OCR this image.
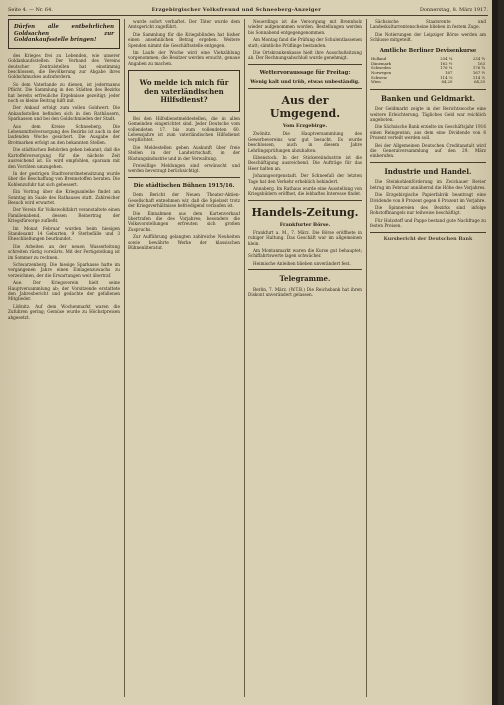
Seite 4. — Nr. 64.	Erzgebirgischer Volksfreund und Schneeberg-Anzeiger	Donnerstag, 8. März 1917.
Dürfen alle entbehrlichen Goldsachen zur Goldankaufsstelle bringen!

des Krieges frei zu Lebenden, wie unserer Goldankaufsstellen. Der Verband des Vereins deutscher Zentralstellen hat einstimmig beschlossen, die Bevölkerung zur Abgabe ihres Goldschmuckes aufzufordern.

So dem Vaterlande zu dienen, ist jedermanns Pflicht. Die Sammlung in den Städten des Bezirks hat bereits erfreuliche Ergebnisse gezeitigt; jeder noch so kleine Beitrag hilft mit.

Der Ankauf erfolgt zum vollen Goldwert. Die Ankaufsstellen befinden sich in den Rathäusern, Sparkassen und bei den Goldschmieden der Stadt.

Aus dem Kreise Schneeberg. Die Lebensmittelversorgung des Bezirks ist auch in der laufenden Woche gesichert. Die Ausgabe der Brotmarken erfolgt an den bekannten Stellen.

Die städtischen Behörden geben bekannt, daß die Kartoffelversorgung für die nächste Zeit ausreichend ist. Es wird empfohlen, sparsam mit den Vorräten umzugehen.

In der gestrigen Stadtverordnetensitzung wurde über die Beschaffung von Brennstoffen beraten. Die Kohlenzufuhr hat sich gebessert.

Ein Vortrag über die Kriegsanleihe findet am Sonntag im Saale des Rathauses statt. Zahlreicher Besuch wird erwartet.

Der Verein für Volkswohlfahrt veranstaltete einen Familienabend, dessen Reinertrag der Kriegsfürsorge zufließt.

Im Monat Februar wurden beim hiesigen Standesamt 14 Geburten, 9 Sterbefälle und 3 Eheschließungen beurkundet.

Die Arbeiten an der neuen Wasserleitung schreiten rüstig vorwärts. Mit der Fertigstellung ist im Sommer zu rechnen.

Schwarzenberg. Die hiesige Sparkasse hatte im vergangenen Jahre einen Einlagenzuwachs zu verzeichnen, der die Erwartungen weit übertraf.

Aue. Der Kriegsverein hielt seine Hauptversammlung ab; der Vorsitzende erstattete den Jahresbericht und gedachte der gefallenen Mitglieder.

Lößnitz. Auf dem Wochenmarkt waren die Zufuhren gering; Gemüse wurde zu Höchstpreisen abgesetzt.

wurde sofort verhaftet. Der Täter wurde dem Amtsgericht zugeführt.

Die Sammlung für die Kriegsblinden hat bisher einen ansehnlichen Betrag ergeben. Weitere Spenden nimmt die Geschäftsstelle entgegen.

Im Laufe der Woche wird eine Viehzählung vorgenommen; die Besitzer werden ersucht, genaue Angaben zu machen.

Wo melde ich mich für den vaterländischen Hilfsdienst?

Bei den Hilfsdienstmeldestellen, die in allen Gemeinden eingerichtet sind. Jeder Deutsche vom vollendeten 17. bis zum vollendeten 60. Lebensjahre ist zum vaterländischen Hilfsdienst verpflichtet.

Die Meldestellen geben Auskunft über freie Stellen in der Landwirtschaft, in der Rüstungsindustrie und in der Verwaltung.

Freiwillige Meldungen sind erwünscht und werden bevorzugt berücksichtigt.

Die städtischen Bühnen 1915/16.

Dem Bericht der Neuen Theater-Aktien-Gesellschaft entnehmen wir, daß die Spielzeit trotz der Kriegsverhältnisse befriedigend verlaufen ist.

Die Einnahmen aus dem Kartenverkauf übertrafen die des Vorjahres; besonders die Volksvorstellungen erfreuten sich großen Zuspruchs.

Zur Aufführung gelangten zahlreiche Neuheiten sowie bewährte Werke der klassischen Bühnenliteratur.

Neuerdings ist die Versorgung mit Brennholz wieder aufgenommen worden. Bestellungen werden bis Sonnabend entgegengenommen.

Am Montag fand die Prüfung der Schulentlassenen statt; sämtliche Prüflinge bestanden.

Die Ortskrankenkasse hielt ihre Ausschußsitzung ab. Der Rechnungsabschluß wurde genehmigt.

Wettervoraussage für Freitag:
Wenig kalt und trüb, etwas unbeständig.
Aus der Umgegend.
Vom Erzgebirge.

Zwönitz. Die Hauptversammlung des Gewerbevereins war gut besucht. Es wurde beschlossen, auch in diesem Jahre Lehrlingsprüfungen abzuhalten.

Eibenstock. In der Stickereiindustrie ist die Beschäftigung ausreichend. Die Aufträge für das Heer halten an.

Johanngeorgenstadt. Der Schneefall der letzten Tage hat den Verkehr erheblich behindert.

Annaberg. Im Rathaus wurde eine Ausstellung von Kriegsbildern eröffnet, die lebhaftes Interesse findet.

Handels-Zeitung.
Frankfurter Börse.

Frankfurt a. M., 7. März. Die Börse eröffnete in ruhiger Haltung. Das Geschäft war im allgemeinen klein.

Am Montanmarkt waren die Kurse gut behauptet; Schiffahrtswerte lagen schwächer.

Heimische Anleihen blieben unverändert fest.

Telegramme.

Berlin, 7. März. (W.T.B.) Die Reichsbank hat ihren Diskont unverändert gelassen.

Sächsische Staatsrente und Landeskulturrentenscheine blieben in festem Zuge.

Die Notierungen der Leipziger Börse werden am Schlusse mitgeteilt.

Amtliche Berliner Devisenkurse
Holland	234 ¼	234 ¾
Dänemark	162 ½	163
Schweden	176 ¼	176 ¾
Norwegen	167	167 ½
Schweiz	114 ⅝	114 ⅞
Wien	64,20	64,30
Banken und Geldmarkt.

Der Geldmarkt zeigte in der Berichtswoche eine weitere Erleichterung. Tägliches Geld war reichlich angeboten.

Die Sächsische Bank erzielte im Geschäftsjahr 1916 einen Reingewinn, aus dem eine Dividende von 6 Prozent verteilt werden soll.

Bei der Allgemeinen Deutschen Creditanstalt wird die Generalversammlung auf den 29. März einberufen.

Industrie und Handel.

Die Steinkohlenförderung im Zwickauer Revier betrug im Februar annähernd die Höhe des Vorjahres.

Die Erzgebirgische Papierfabrik beantragt eine Dividende von 8 Prozent gegen 6 Prozent im Vorjahre.

Die Spinnereien des Bezirks sind infolge Rohstoffmangels nur teilweise beschäftigt.

Für Holzstoff und Pappe bestand gute Nachfrage zu festen Preisen.

Kursbericht der Deutschen Bank
